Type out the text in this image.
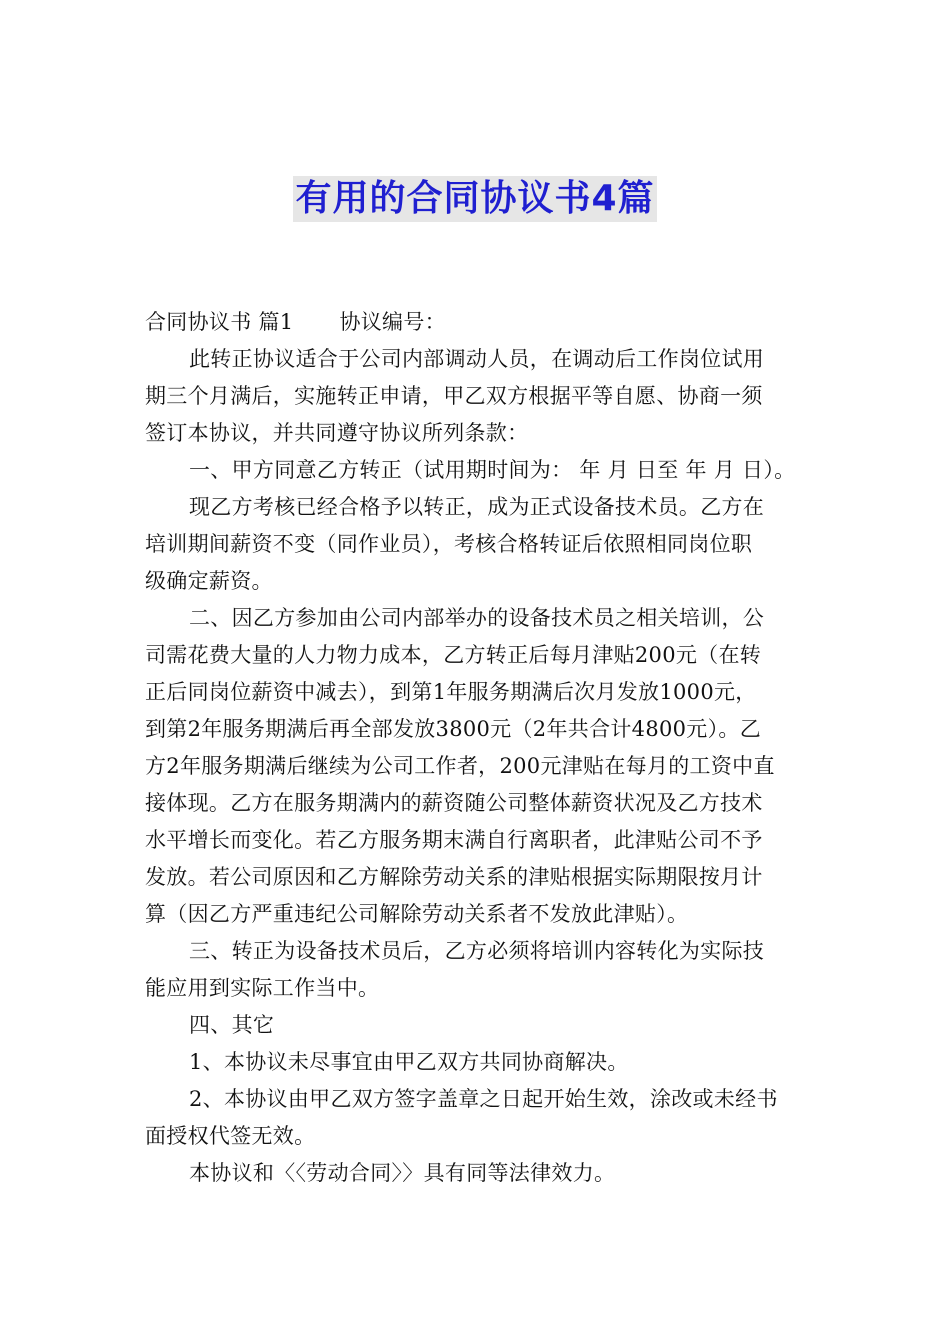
有用的合同协议书4篇
合同协议书 篇1 协议编号：
此转正协议适合于公司内部调动人员，在调动后工作岗位试用
期三个月满后，实施转正申请，甲乙双方根据平等自愿、协商一须
签订本协议，并共同遵守协议所列条款：
一、甲方同意乙方转正（试用期时间为： 年 月 日至 年 月 日）。
现乙方考核已经合格予以转正，成为正式设备技术员。乙方在
培训期间薪资不变（同作业员），考核合格转证后依照相同岗位职
级确定薪资。
二、因乙方参加由公司内部举办的设备技术员之相关培训，公
司需花费大量的人力物力成本，乙方转正后每月津贴200元（在转
正后同岗位薪资中减去），到第1年服务期满后次月发放1000元，
到第2年服务期满后再全部发放3800元（2年共合计4800元）。乙
方2年服务期满后继续为公司工作者，200元津贴在每月的工资中直
接体现。乙方在服务期满内的薪资随公司整体薪资状况及乙方技术
水平增长而变化。若乙方服务期末满自行离职者，此津贴公司不予
发放。若公司原因和乙方解除劳动关系的津贴根据实际期限按月计
算（因乙方严重违纪公司解除劳动关系者不发放此津贴）。
三、转正为设备技术员后，乙方必须将培训内容转化为实际技
能应用到实际工作当中。
四、其它
1、本协议未尽事宜由甲乙双方共同协商解决。
2、本协议由甲乙双方签字盖章之日起开始生效，涂改或未经书
面授权代签无效。
本协议和〈〈劳动合同〉〉具有同等法律效力。
